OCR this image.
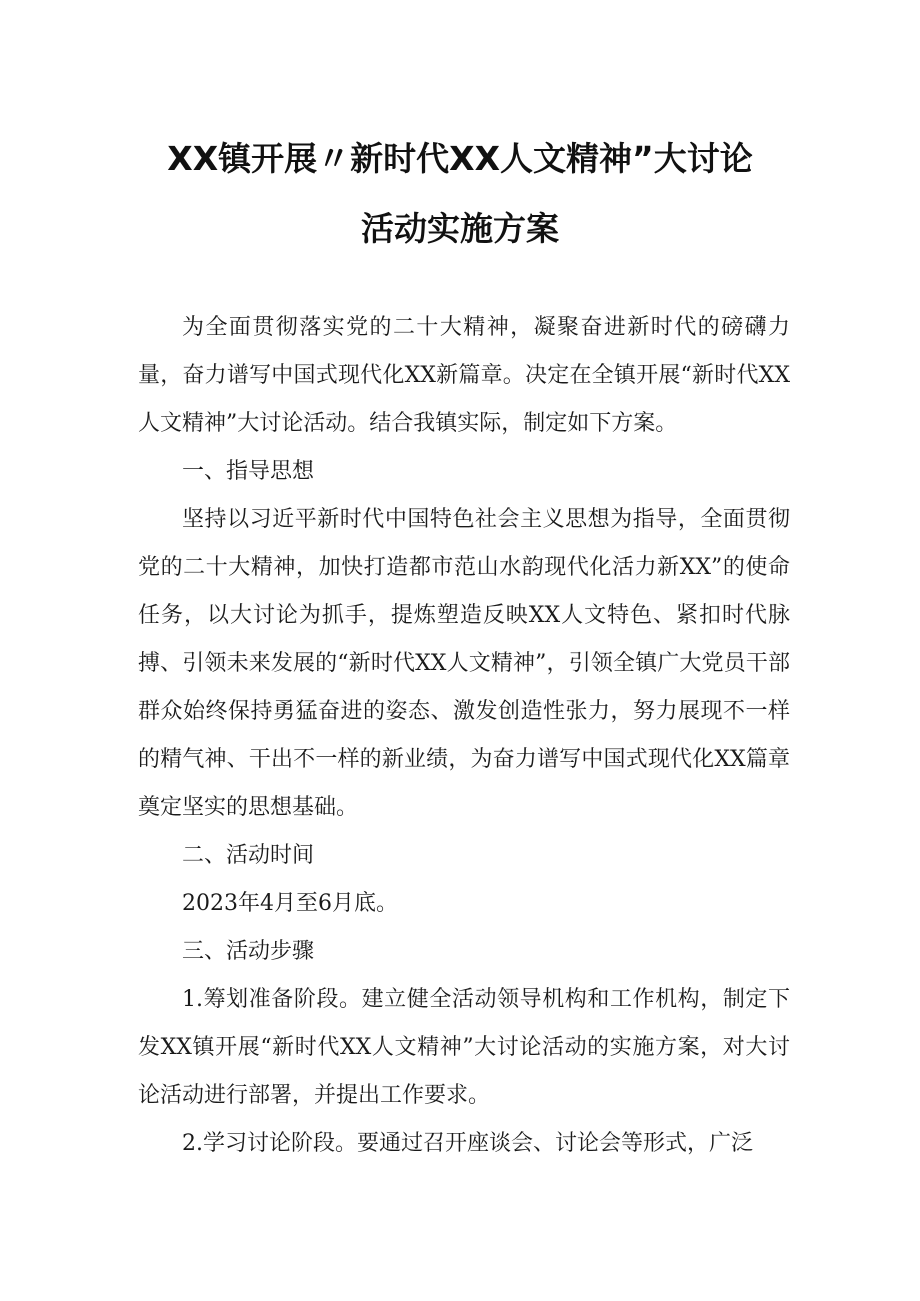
XX镇开展〃新时代XX人文精神”大讨论
活动实施方案

为全面贯彻落实党的二十大精神，凝聚奋进新时代的磅礴力量，奋力谱写中国式现代化XX新篇章。决定在全镇开展“新时代XX人文精神”大讨论活动。结合我镇实际，制定如下方案。

一、指导思想

坚持以习近平新时代中国特色社会主义思想为指导，全面贯彻党的二十大精神，加快打造都市范山水韵现代化活力新XX”的使命任务，以大讨论为抓手，提炼塑造反映XX人文特色、紧扣时代脉搏、引领未来发展的“新时代XX人文精神”，引领全镇广大党员干部群众始终保持勇猛奋进的姿态、激发创造性张力，努力展现不一样的精气神、干出不一样的新业绩，为奋力谱写中国式现代化XX篇章奠定坚实的思想基础。

二、活动时间

2023年4月至6月底。

三、活动步骤

1.筹划准备阶段。建立健全活动领导机构和工作机构，制定下发XX镇开展“新时代XX人文精神”大讨论活动的实施方案，对大讨论活动进行部署，并提出工作要求。

2.学习讨论阶段。要通过召开座谈会、讨论会等形式，广泛
